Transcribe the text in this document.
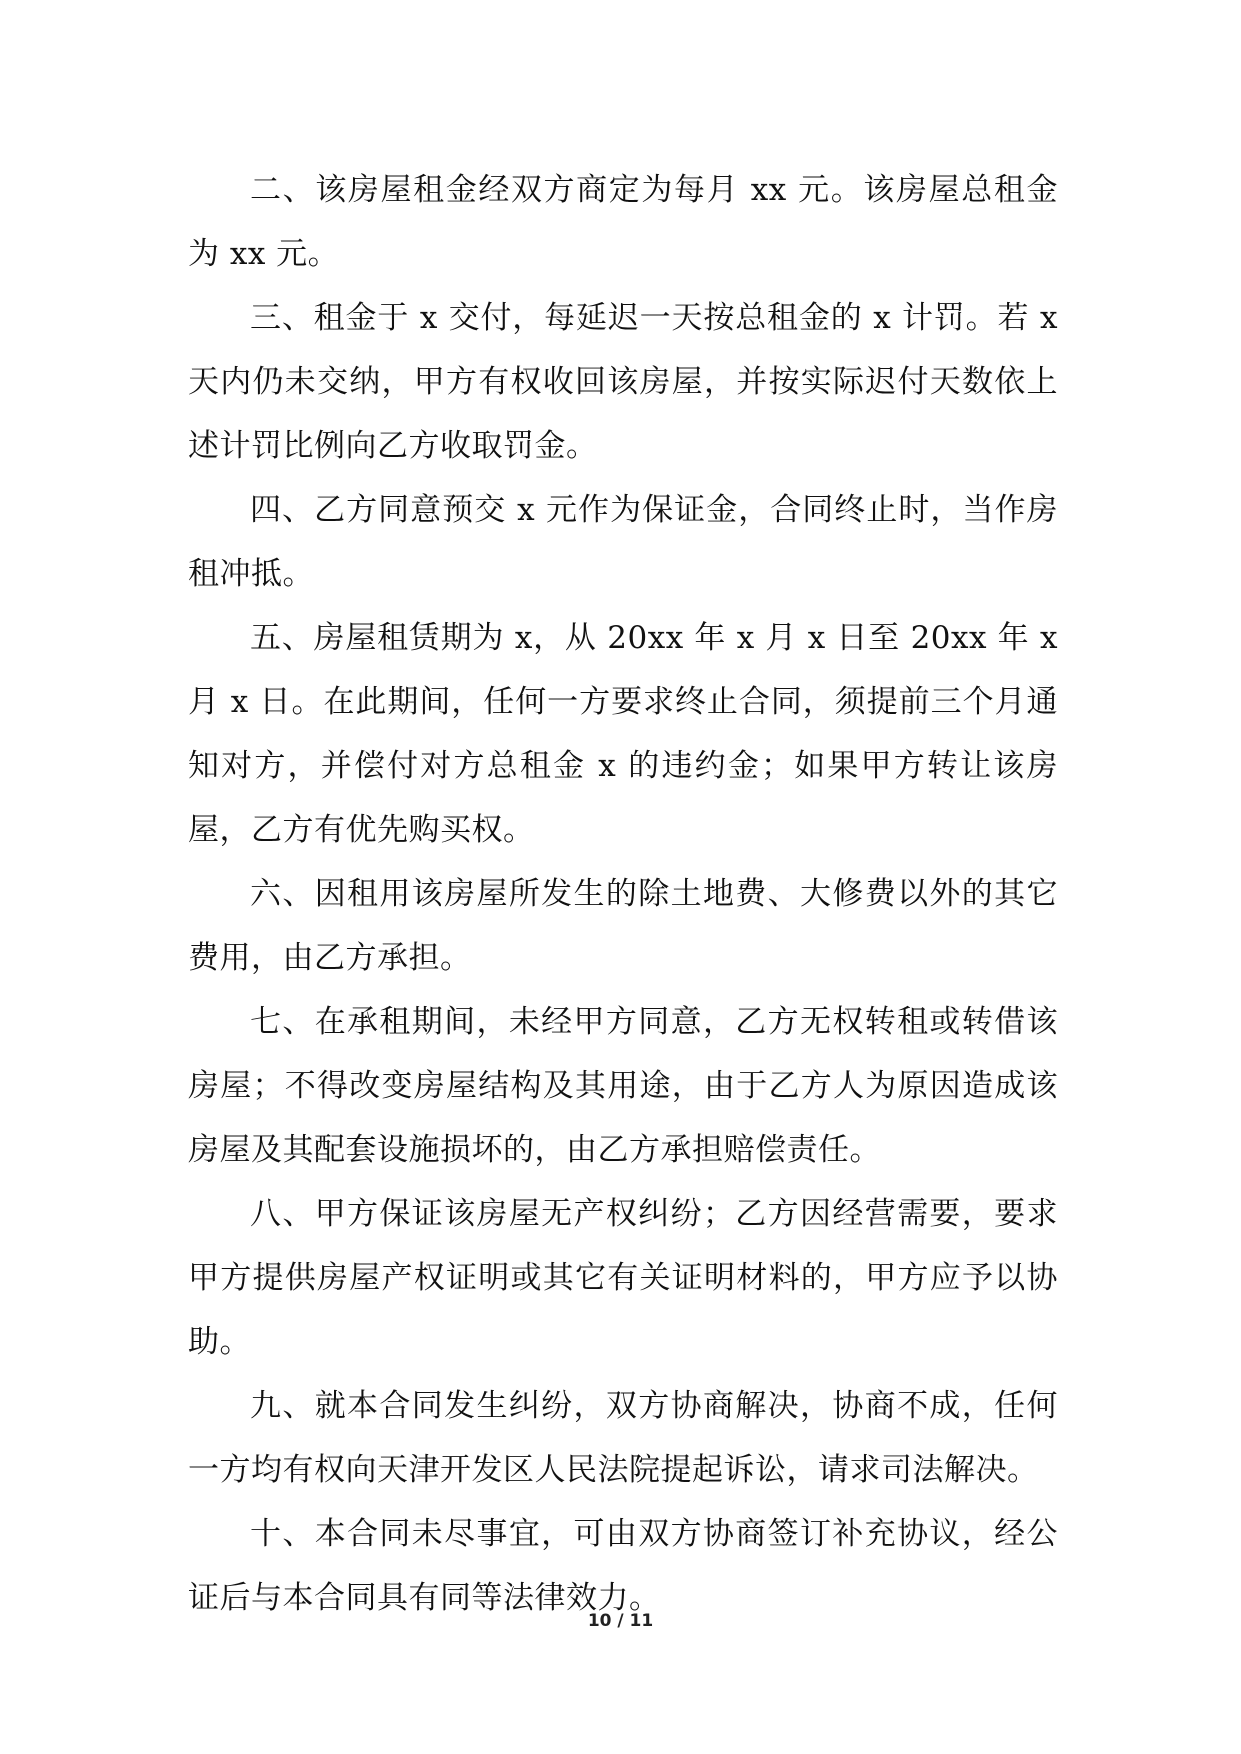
二、该房屋租金经双方商定为每月 xx 元。该房屋总租金为 xx 元。

三、租金于 x 交付，每延迟一天按总租金的 x 计罚。若 x 天内仍未交纳，甲方有权收回该房屋，并按实际迟付天数依上述计罚比例向乙方收取罚金。

四、乙方同意预交 x 元作为保证金，合同终止时，当作房租冲抵。

五、房屋租赁期为 x，从 20xx 年 x 月 x 日至 20xx 年 x 月 x 日。在此期间，任何一方要求终止合同，须提前三个月通知对方，并偿付对方总租金 x 的违约金；如果甲方转让该房屋，乙方有优先购买权。

六、因租用该房屋所发生的除土地费、大修费以外的其它费用，由乙方承担。

七、在承租期间，未经甲方同意，乙方无权转租或转借该房屋；不得改变房屋结构及其用途，由于乙方人为原因造成该房屋及其配套设施损坏的，由乙方承担赔偿责任。

八、甲方保证该房屋无产权纠纷；乙方因经营需要，要求甲方提供房屋产权证明或其它有关证明材料的，甲方应予以协助。

九、就本合同发生纠纷，双方协商解决，协商不成，任何一方均有权向天津开发区人民法院提起诉讼，请求司法解决。

十、本合同未尽事宜，可由双方协商签订补充协议，经公证后与本合同具有同等法律效力。

10 / 11
